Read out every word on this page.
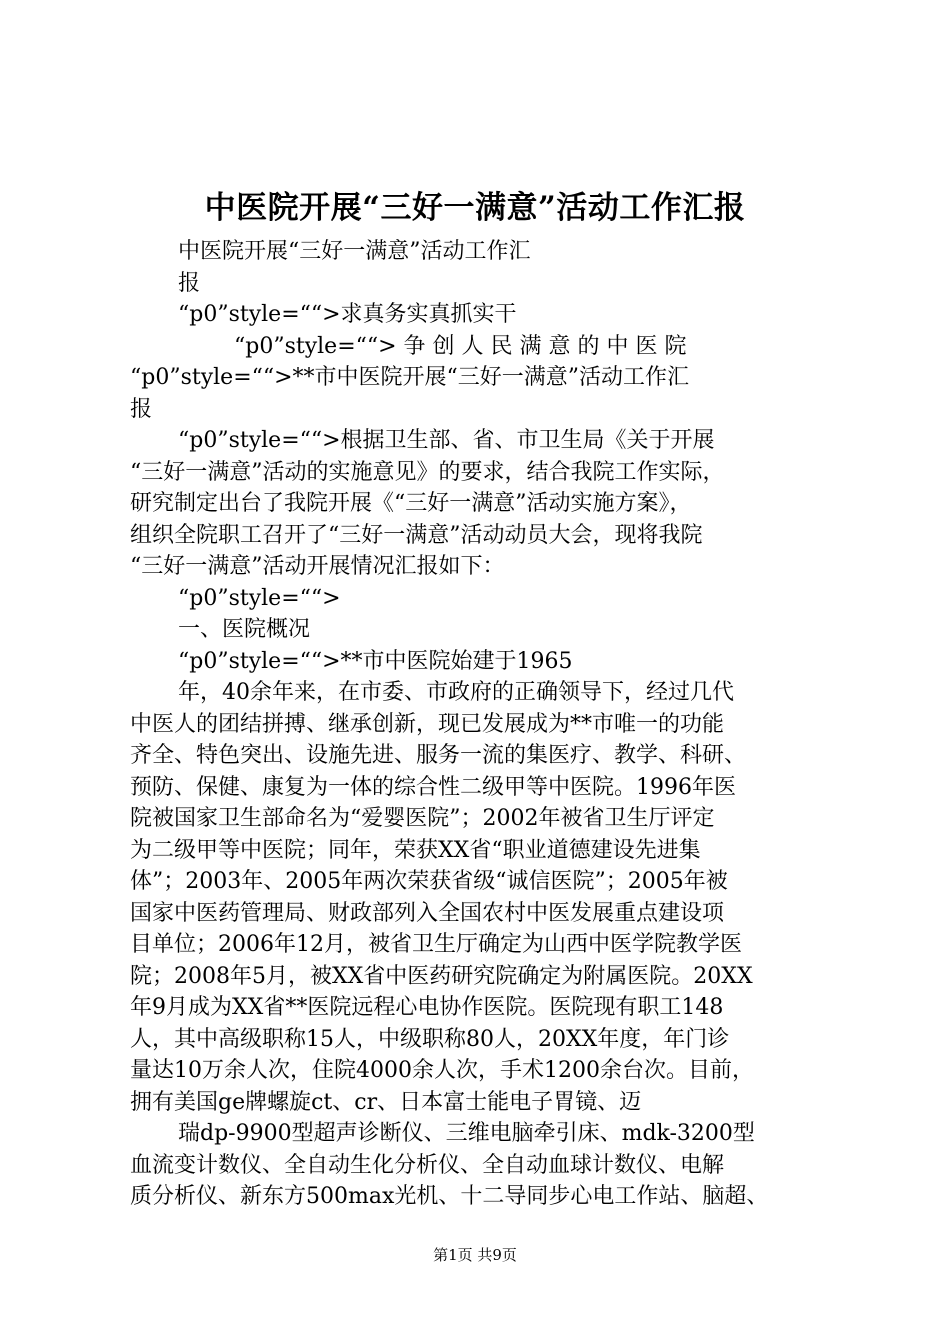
中医院开展“三好一满意”活动工作汇报
中医院开展“三好一满意”活动工作汇
报
“p0”style=““>求真务实真抓实干
“p0”style=““> 争 创 人 民 满 意 的 中 医 院
“p0”style=““>**市中医院开展“三好一满意”活动工作汇
报
“p0”style=““>根据卫生部、省、市卫生局《关于开展
“三好一满意”活动的实施意见》的要求，结合我院工作实际，
研究制定出台了我院开展《“三好一满意”活动实施方案》，
组织全院职工召开了“三好一满意”活动动员大会，现将我院
“三好一满意”活动开展情况汇报如下：
“p0”style=““>
一、医院概况
“p0”style=““>**市中医院始建于1965
年，40余年来，在市委、市政府的正确领导下，经过几代
中医人的团结拼搏、继承创新，现已发展成为**市唯一的功能
齐全、特色突出、设施先进、服务一流的集医疗、教学、科研、
预防、保健、康复为一体的综合性二级甲等中医院。1996年医
院被国家卫生部命名为“爱婴医院”；2002年被省卫生厅评定
为二级甲等中医院；同年，荣获XX省“职业道德建设先进集
体”；2003年、2005年两次荣获省级“诚信医院”；2005年被
国家中医药管理局、财政部列入全国农村中医发展重点建设项
目单位；2006年12月，被省卫生厅确定为山西中医学院教学医
院；2008年5月，被XX省中医药研究院确定为附属医院。20XX
年9月成为XX省**医院远程心电协作医院。医院现有职工148
人，其中高级职称15人，中级职称80人，20XX年度，年门诊
量达10万余人次，住院4000余人次，手术1200余台次。目前，
拥有美国ge牌螺旋ct、cr、日本富士能电子胃镜、迈
瑞dp-9900型超声诊断仪、三维电脑牵引床、mdk-3200型
血流变计数仪、全自动生化分析仪、全自动血球计数仪、电解
质分析仪、新东方500max光机、十二导同步心电工作站、脑超、
第1页 共9页
